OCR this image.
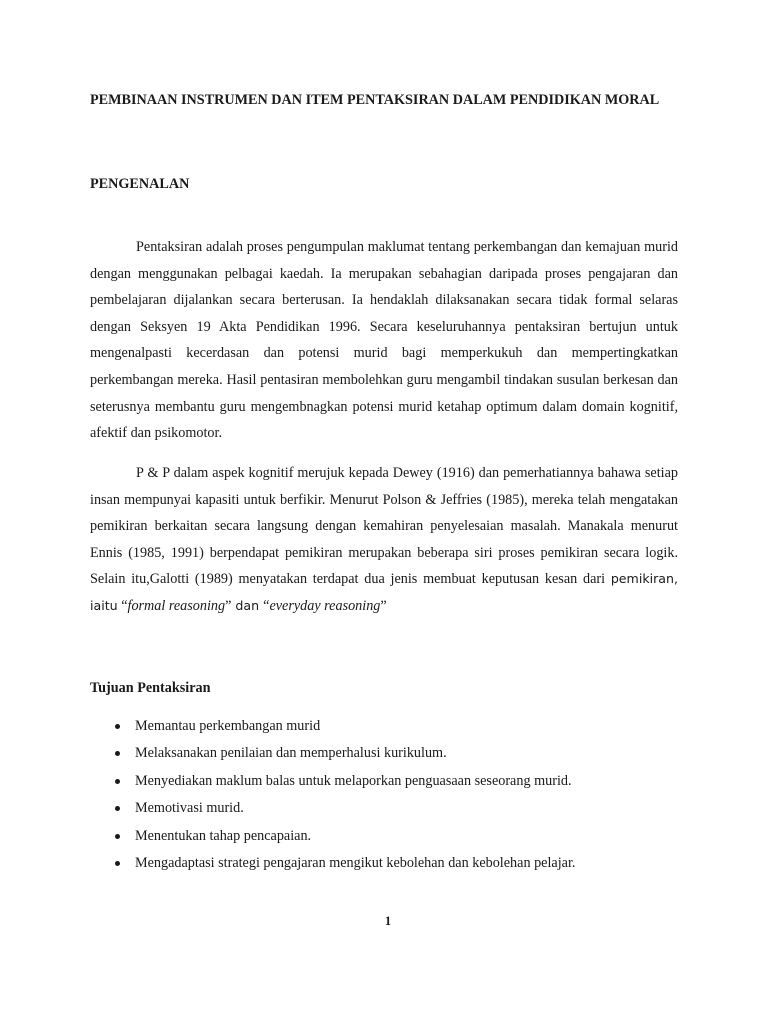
PEMBINAAN INSTRUMEN DAN ITEM PENTAKSIRAN DALAM PENDIDIKAN MORAL
PENGENALAN

Pentaksiran adalah proses pengumpulan maklumat tentang perkembangan dan kemajuan murid dengan menggunakan pelbagai kaedah. Ia merupakan sebahagian daripada proses pengajaran dan pembelajaran dijalankan secara berterusan. Ia hendaklah dilaksanakan secara tidak formal selaras dengan Seksyen 19 Akta Pendidikan 1996. Secara keseluruhannya pentaksiran bertujun untuk mengenalpasti kecerdasan dan potensi murid bagi memperkukuh dan mempertingkatkan perkembangan mereka. Hasil pentasiran membolehkan guru mengambil tindakan susulan berkesan dan seterusnya membantu guru mengembnagkan potensi murid ketahap optimum dalam domain kognitif, afektif dan psikomotor.

P & P dalam aspek kognitif merujuk kepada Dewey (1916) dan pemerhatiannya bahawa setiap insan mempunyai kapasiti untuk berfikir. Menurut Polson & Jeffries (1985), mereka telah mengatakan pemikiran berkaitan secara langsung dengan kemahiran penyelesaian masalah. Manakala menurut Ennis (1985, 1991) berpendapat pemikiran merupakan beberapa siri proses pemikiran secara logik. Selain itu,Galotti (1989) menyatakan terdapat dua jenis membuat keputusan kesan dari pemikiran, iaitu “formal reasoning” dan “everyday reasoning”

Tujuan Pentaksiran
Memantau perkembangan murid
Melaksanakan penilaian dan memperhalusi kurikulum.
Menyediakan maklum balas untuk melaporkan penguasaan seseorang murid.
Memotivasi murid.
Menentukan tahap pencapaian.
Mengadaptasi strategi pengajaran mengikut kebolehan dan kebolehan pelajar.

1
